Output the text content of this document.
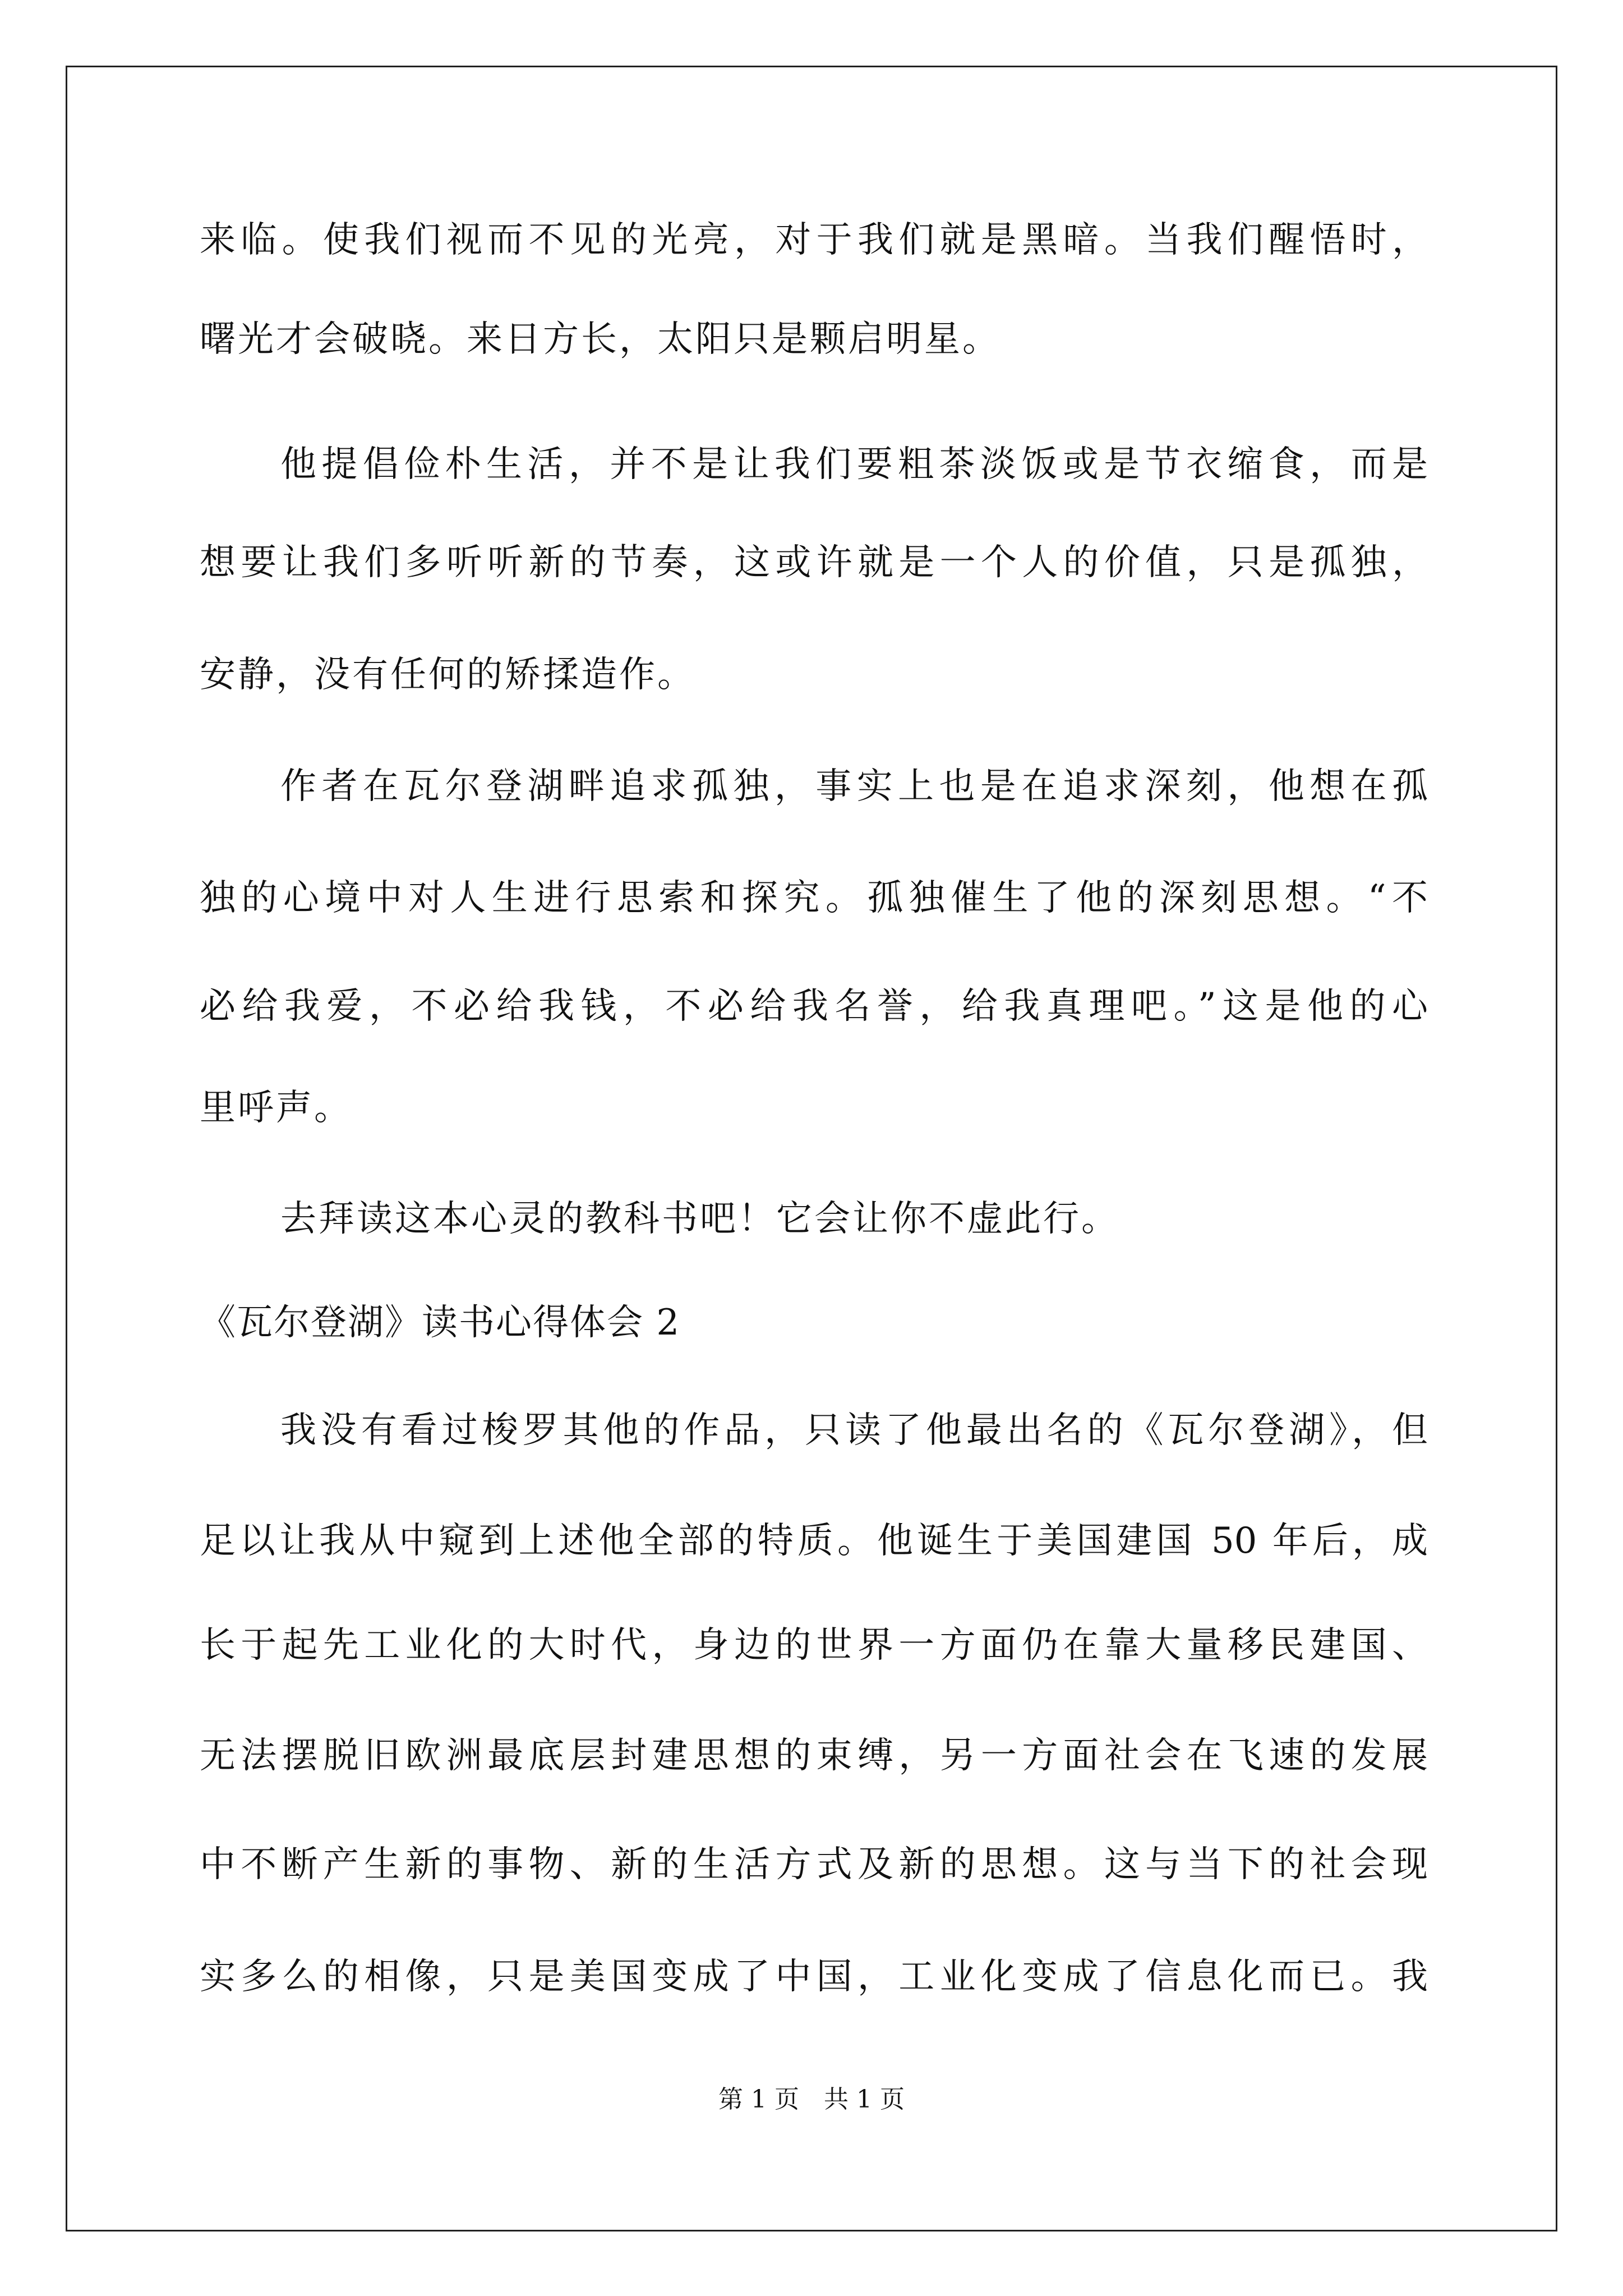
来临。使我们视而不见的光亮，对于我们就是黑暗。当我们醒悟时，
曙光才会破晓。来日方长，太阳只是颗启明星。
他提倡俭朴生活，并不是让我们要粗茶淡饭或是节衣缩食，而是
想要让我们多听听新的节奏，这或许就是一个人的价值，只是孤独，
安静，没有任何的矫揉造作。
作者在瓦尔登湖畔追求孤独，事实上也是在追求深刻，他想在孤
独的心境中对人生进行思索和探究。孤独催生了他的深刻思想。“不
必给我爱，不必给我钱，不必给我名誉，给我真理吧。”这是他的心
里呼声。
去拜读这本心灵的教科书吧！它会让你不虚此行。
《瓦尔登湖》读书心得体会 2
我没有看过梭罗其他的作品，只读了他最出名的《瓦尔登湖》，但
足以让我从中窥到上述他全部的特质。他诞生于美国建国 50 年后，成
长于起先工业化的大时代，身边的世界一方面仍在靠大量移民建国、
无法摆脱旧欧洲最底层封建思想的束缚，另一方面社会在飞速的发展
中不断产生新的事物、新的生活方式及新的思想。这与当下的社会现
实多么的相像，只是美国变成了中国，工业化变成了信息化而已。我
第 1 页　共 1 页
